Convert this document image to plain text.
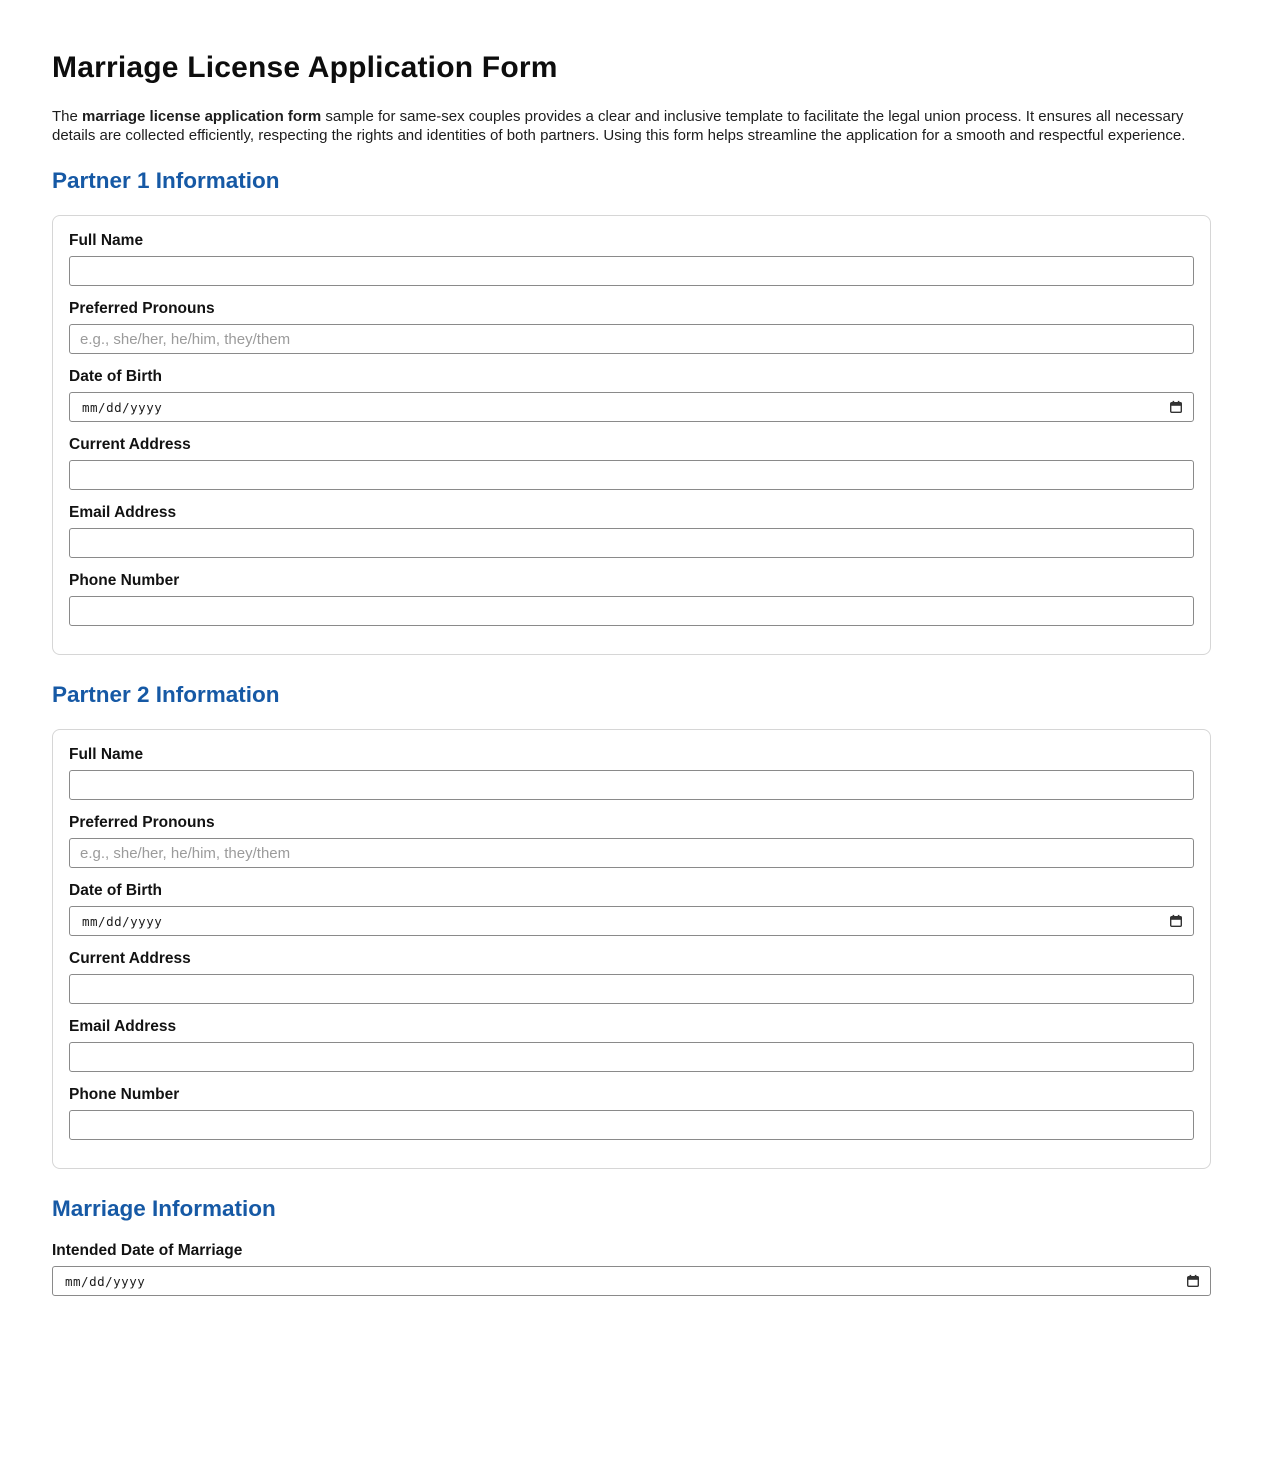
Marriage License Application Form

The marriage license application form sample for same-sex couples provides a clear and inclusive template to facilitate the legal union process. It ensures all necessary details are collected efficiently, respecting the rights and identities of both partners. Using this form helps streamline the application for a smooth and respectful experience.

Partner 1 Information
Full Name
Preferred Pronouns
e.g., she/her, he/him, they/them
Date of Birth
mm/dd/yyyy
Current Address
Email Address
Phone Number
Partner 2 Information
Full Name
Preferred Pronouns
e.g., she/her, he/him, they/them
Date of Birth
mm/dd/yyyy
Current Address
Email Address
Phone Number
Marriage Information
Intended Date of Marriage
mm/dd/yyyy
